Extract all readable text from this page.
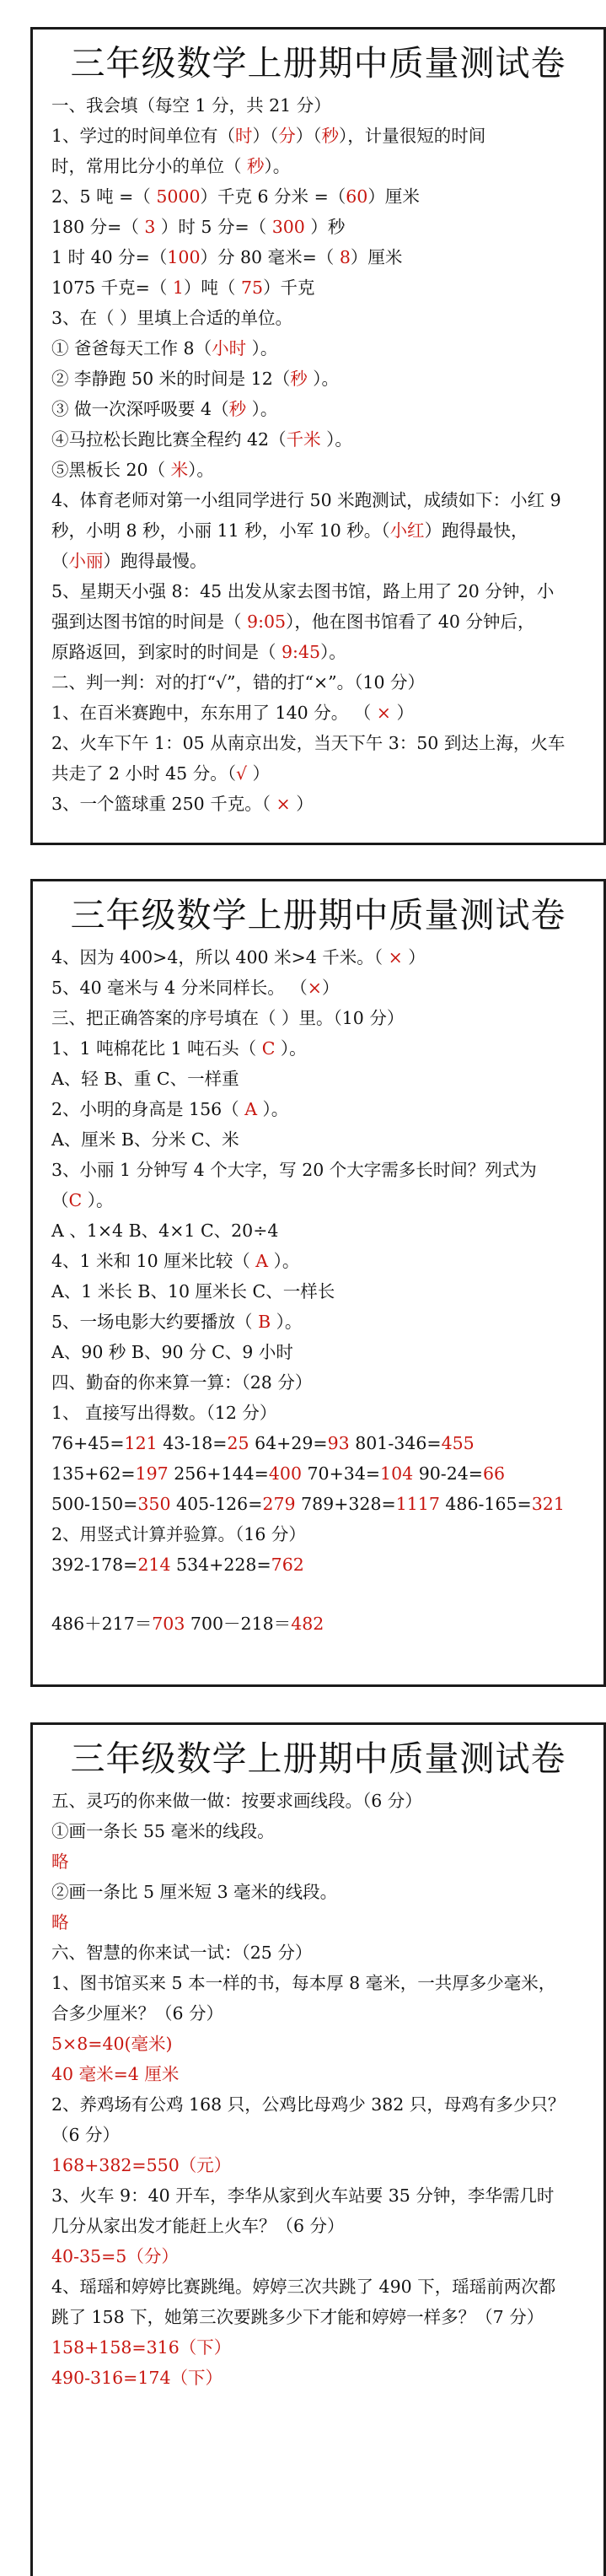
三年级数学上册期中质量测试卷
一、我会填（每空 1 分，共 21 分）
1、学过的时间单位有（时）（分）（秒），计量很短的时间
时，常用比分小的单位（ 秒）。
2、5 吨 =（ 5000）千克 6 分米 =（60）厘米
180 分=（ 3 ）时 5 分=（ 300 ）秒
1 时 40 分=（100）分 80 毫米=（ 8）厘米
1075 千克=（ 1）吨（ 75）千克
3、在（ ）里填上合适的单位。
① 爸爸每天工作 8（小时 ）。
② 李静跑 50 米的时间是 12（秒 ）。
③ 做一次深呼吸要 4（秒 ）。
④马拉松长跑比赛全程约 42（千米 ）。
⑤黑板长 20（ 米）。
4、体育老师对第一小组同学进行 50 米跑测试，成绩如下：小红 9
秒，小明 8 秒，小丽 11 秒，小军 10 秒。（小红）跑得最快，
（小丽）跑得最慢。
5、星期天小强 8：45 出发从家去图书馆，路上用了 20 分钟，小
强到达图书馆的时间是（ 9:05），他在图书馆看了 40 分钟后，
原路返回，到家时的时间是（ 9:45）。
二、判一判：对的打“√”，错的打“×”。（10 分）
1、在百米赛跑中，东东用了 140 分。 （ × ）
2、火车下午 1：05 从南京出发，当天下午 3：50 到达上海，火车
共走了 2 小时 45 分。（√ ）
3、一个篮球重 250 千克。（ × ）
三年级数学上册期中质量测试卷
4、因为 400>4，所以 400 米>4 千米。（ × ）
5、40 毫米与 4 分米同样长。 （×）
三、把正确答案的序号填在（ ）里。（10 分）
1、1 吨棉花比 1 吨石头（ C ）。
A、轻 B、重 C、一样重
2、小明的身高是 156（ A ）。
A、厘米 B、分米 C、米
3、小丽 1 分钟写 4 个大字，写 20 个大字需多长时间？列式为
（C ）。
A 、1×4 B、4×1 C、20÷4
4、1 米和 10 厘米比较（ A ）。
A、1 米长 B、10 厘米长 C、一样长
5、一场电影大约要播放（ B ）。
A、90 秒 B、90 分 C、9 小时
四、勤奋的你来算一算：（28 分）
1、 直接写出得数。（12 分）
76+45=121 43-18=25 64+29=93 801-346=455
135+62=197 256+144=400 70+34=104 90-24=66
500-150=350 405-126=279 789+328=1117 486-165=321
2、用竖式计算并验算。（16 分）
392-178=214 534+228=762
486＋217＝703 700－218＝482
三年级数学上册期中质量测试卷
五、灵巧的你来做一做：按要求画线段。（6 分）
①画一条长 55 毫米的线段。
略
②画一条比 5 厘米短 3 毫米的线段。
略
六、智慧的你来试一试：（25 分）
1、图书馆买来 5 本一样的书，每本厚 8 毫米，一共厚多少毫米，
合多少厘米？（6 分）
5×8=40(毫米)
40 毫米=4 厘米
2、养鸡场有公鸡 168 只，公鸡比母鸡少 382 只，母鸡有多少只？
（6 分）
168+382=550（元）
3、火车 9：40 开车，李华从家到火车站要 35 分钟，李华需几时
几分从家出发才能赶上火车？（6 分）
40-35=5（分）
4、瑶瑶和婷婷比赛跳绳。婷婷三次共跳了 490 下，瑶瑶前两次都
跳了 158 下，她第三次要跳多少下才能和婷婷一样多？（7 分）
158+158=316（下）
490-316=174（下）
